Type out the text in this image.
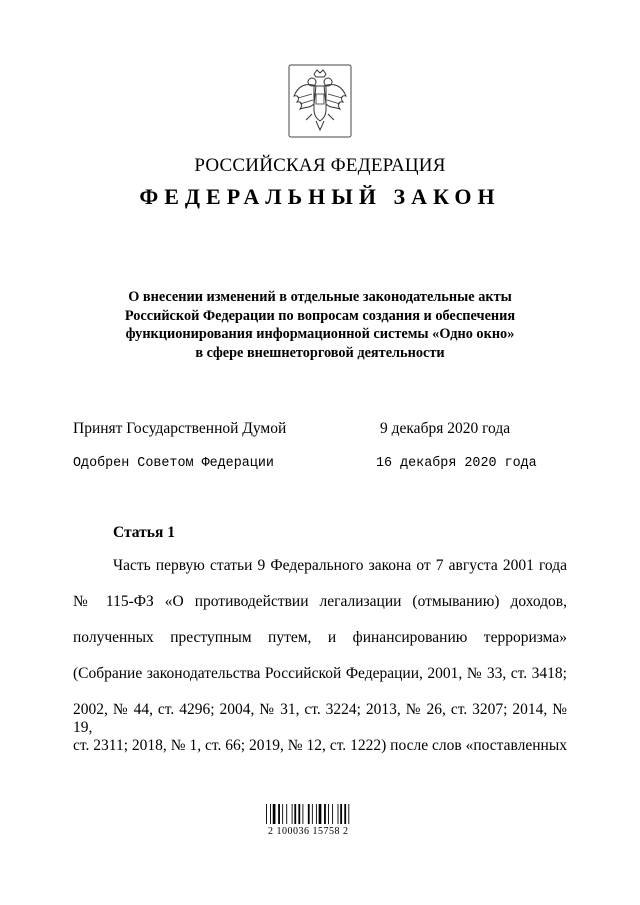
РОССИЙСКАЯ ФЕДЕРАЦИЯ
ФЕДЕРАЛЬНЫЙ ЗАКОН
О внесении изменений в отдельные законодательные акты
Российской Федерации по вопросам создания и обеспечения
функционирования информационной системы «Одно окно»
в сфере внешнеторговой деятельности
Принят Государственной Думой	9 декабря 2020 года
Одобрен Советом Федерации	16 декабря 2020 года
Статья 1
Часть первую статьи 9 Федерального закона от 7 августа 2001 года
№ 115-ФЗ «О противодействии легализации (отмыванию) доходов,
полученных преступным путем, и финансированию терроризма»
(Собрание законодательства Российской Федерации, 2001, № 33, ст. 3418;
2002, № 44, ст. 4296; 2004, № 31, ст. 3224; 2013, № 26, ст. 3207; 2014, № 19,
ст. 2311; 2018, № 1, ст. 66; 2019, № 12, ст. 1222) после слов «поставленных
2 100036 15758 2
